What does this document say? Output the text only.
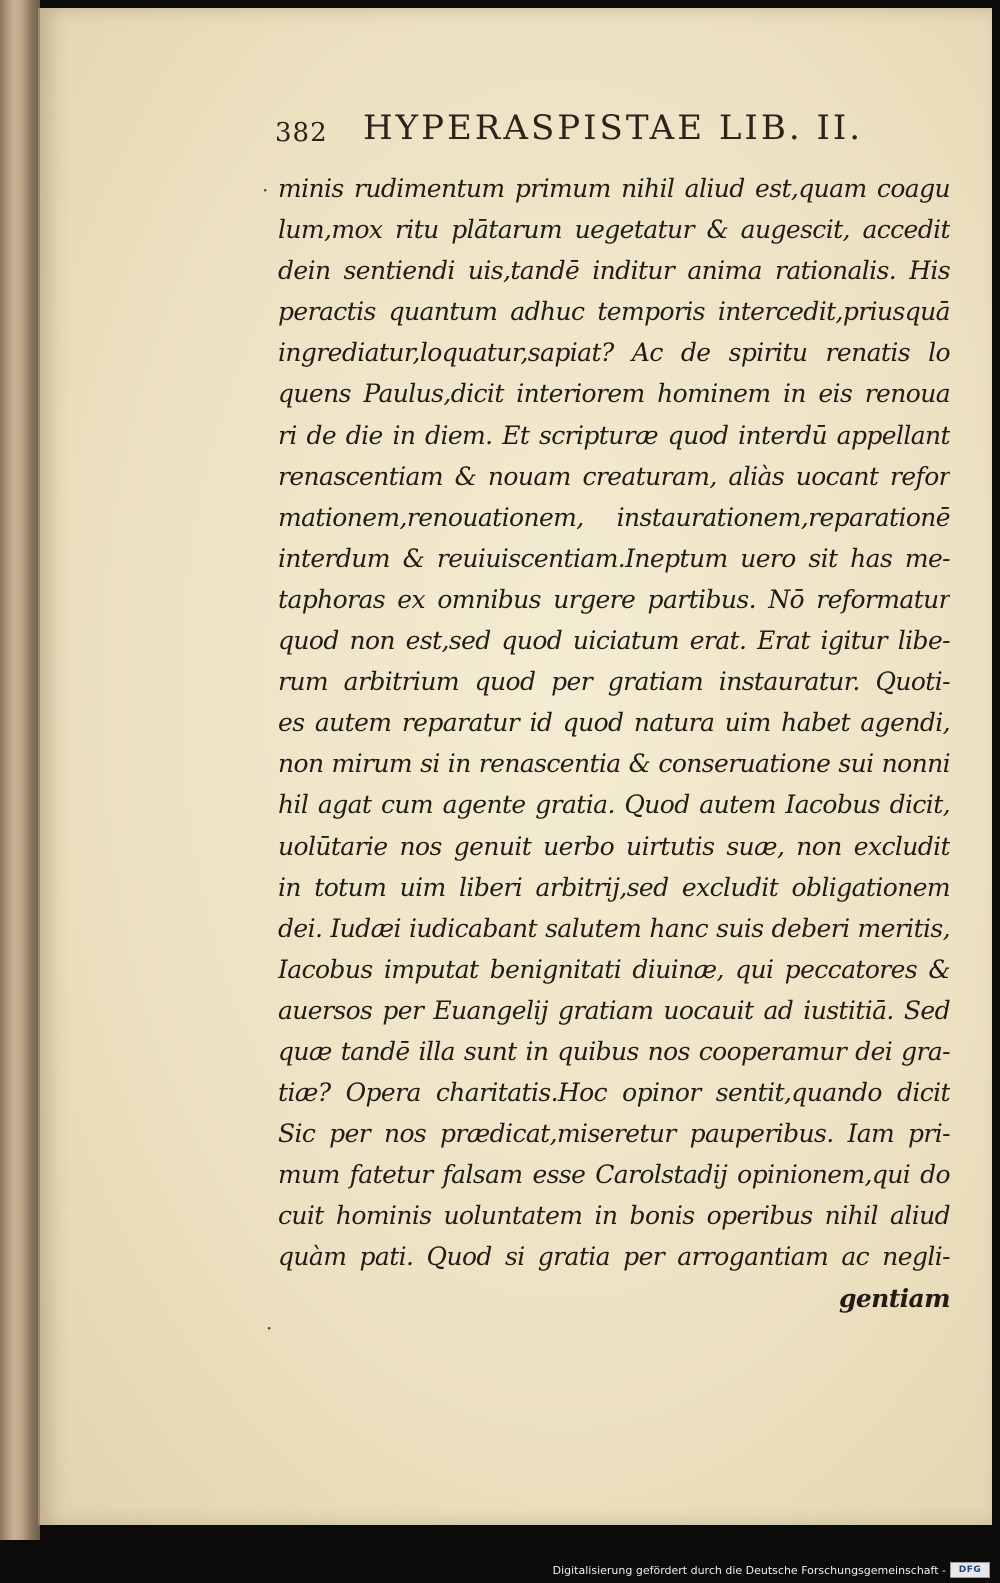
382 HYPERASPISTAE LIB. II.
·
·
minis rudimentum primum nihil aliud est,quam coagu
lum,mox ritu plātarum uegetatur & augescit, accedit
dein sentiendi uis,tandē inditur anima rationalis. His
peractis quantum adhuc temporis intercedit,priusquā
ingrediatur,loquatur,sapiat? Ac de spiritu renatis lo
quens Paulus,dicit interiorem hominem in eis renoua
ri de die in diem. Et scripturæ quod interdū appellant
renascentiam & nouam creaturam, aliàs uocant refor
mationem,renouationem, instaurationem,reparationē
interdum & reuiuiscentiam.Ineptum uero sit has me-
taphoras ex omnibus urgere partibus. Nō reformatur
quod non est,sed quod uiciatum erat. Erat igitur libe-
rum arbitrium quod per gratiam instauratur. Quoti-
es autem reparatur id quod natura uim habet agendi,
non mirum si in renascentia & conseruatione sui nonni
hil agat cum agente gratia. Quod autem Iacobus dicit,
uolūtarie nos genuit uerbo uirtutis suæ, non excludit
in totum uim liberi arbitrij,sed excludit obligationem
dei. Iudæi iudicabant salutem hanc suis deberi meritis,
Iacobus imputat benignitati diuinæ, qui peccatores &
auersos per Euangelij gratiam uocauit ad iustitiā. Sed
quæ tandē illa sunt in quibus nos cooperamur dei gra-
tiæ? Opera charitatis.Hoc opinor sentit,quando dicit
Sic per nos prædicat,miseretur pauperibus. Iam pri-
mum fatetur falsam esse Carolstadij opinionem,qui do
cuit hominis uoluntatem in bonis operibus nihil aliud
quàm pati. Quod si gratia per arrogantiam ac negli-
gentiam
Digitalisierung gefördert durch die Deutsche Forschungsgemeinschaft -	DFG
